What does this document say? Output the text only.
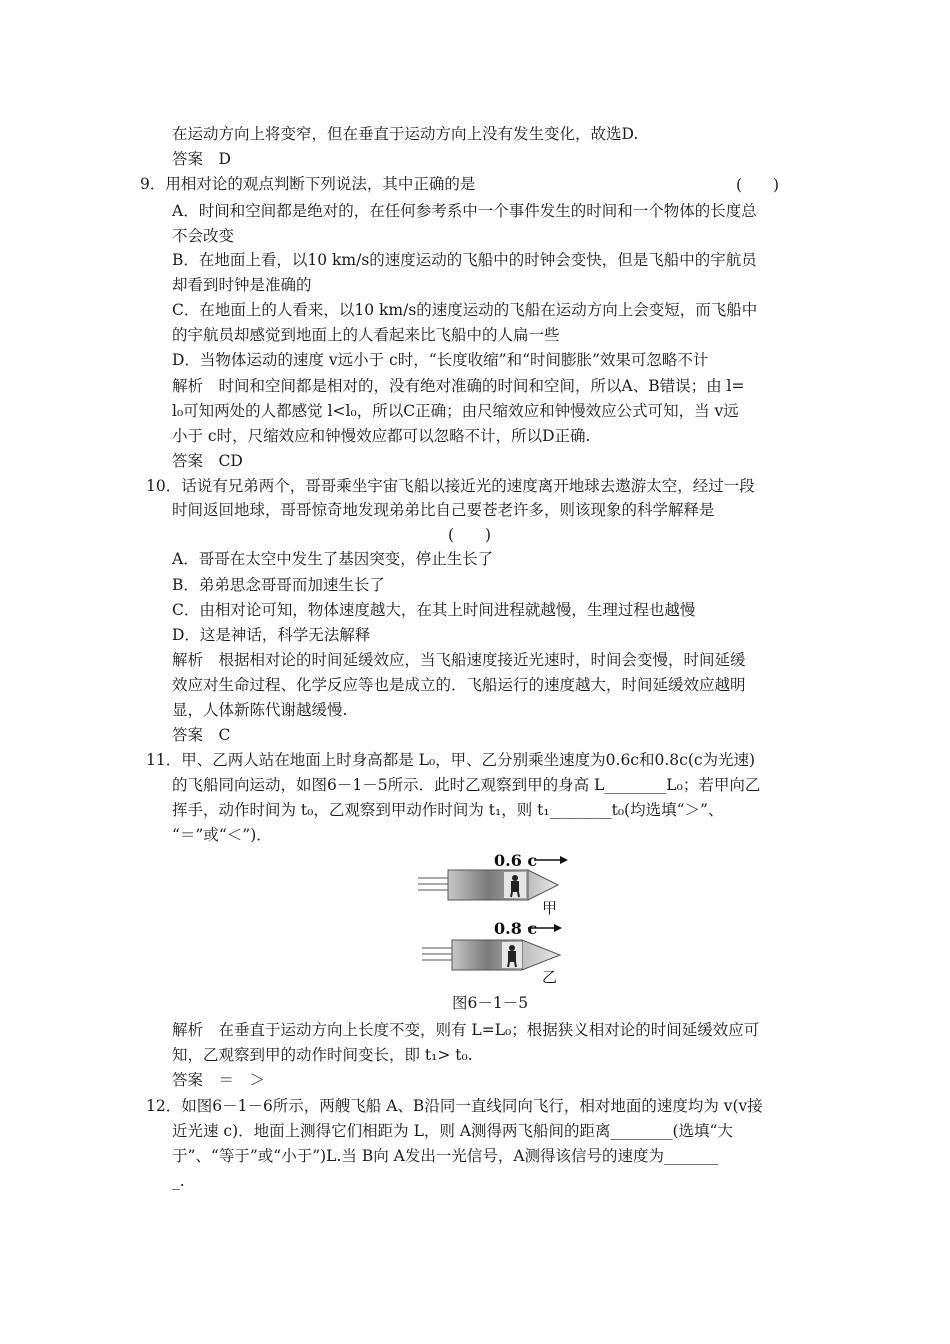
在运动方向上将变窄，但在垂直于运动方向上没有发生变化，故选D.
答案　D
9．用相对论的观点判断下列说法，其中正确的是	(　　)
A．时间和空间都是绝对的，在任何参考系中一个事件发生的时间和一个物体的长度总
不会改变
B．在地面上看，以10 km/s的速度运动的飞船中的时钟会变快，但是飞船中的宇航员
却看到时钟是准确的
C．在地面上的人看来，以10 km/s的速度运动的飞船在运动方向上会变短，而飞船中
的宇航员却感觉到地面上的人看起来比飞船中的人扁一些
D．当物体运动的速度 v远小于 c时，“长度收缩”和“时间膨胀”效果可忽略不计
解析　时间和空间都是相对的，没有绝对准确的时间和空间，所以A、B错误；由 l=
l₀可知两处的人都感觉 l<l₀，所以C正确；由尺缩效应和钟慢效应公式可知，当 v远
小于 c时，尺缩效应和钟慢效应都可以忽略不计，所以D正确.
答案　CD
10．话说有兄弟两个，哥哥乘坐宇宙飞船以接近光的速度离开地球去遨游太空，经过一段
时间返回地球，哥哥惊奇地发现弟弟比自己要苍老许多，则该现象的科学解释是
(　　)
A．哥哥在太空中发生了基因突变，停止生长了
B．弟弟思念哥哥而加速生长了
C．由相对论可知，物体速度越大，在其上时间进程就越慢，生理过程也越慢
D．这是神话，科学无法解释
解析　根据相对论的时间延缓效应，当飞船速度接近光速时，时间会变慢，时间延缓
效应对生命过程、化学反应等也是成立的．飞船运行的速度越大，时间延缓效应越明
显，人体新陈代谢越缓慢.
答案　C
11．甲、乙两人站在地面上时身高都是 L₀，甲、乙分别乘坐速度为0.6c和0.8c(c为光速)
的飞船同向运动，如图6－1－5所示．此时乙观察到甲的身高 L________L₀；若甲向乙
挥手，动作时间为 t₀，乙观察到甲动作时间为 t₁，则 t₁________t₀(均选填“＞”、
“＝”或“＜”)．
0.6 c
甲
0.8 c
乙
图6－1－5
解析　在垂直于运动方向上长度不变，则有 L=L₀；根据狭义相对论的时间延缓效应可
知，乙观察到甲的动作时间变长，即 t₁> t₀.
答案　＝　＞
12．如图6－1－6所示，两艘飞船 A、B沿同一直线同向飞行，相对地面的速度均为 v(v接
近光速 c)．地面上测得它们相距为 L，则 A测得两飞船间的距离________(选填“大
于”、“等于”或“小于”)L.当 B向 A发出一光信号，A测得该信号的速度为_______
_.
